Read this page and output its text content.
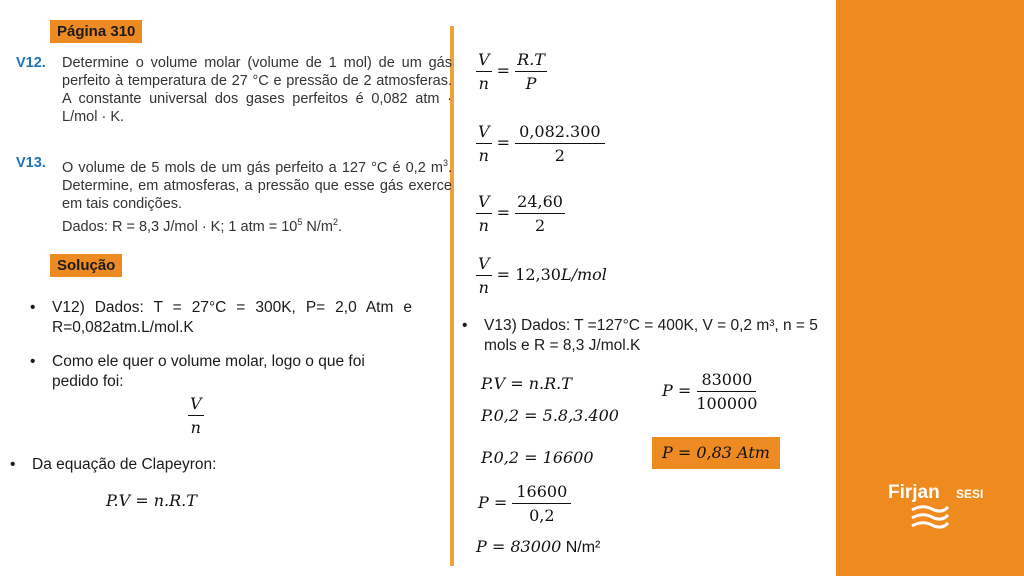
Firjan SESI
Página 310
V12. Determine o volume molar (volume de 1 mol) de um gás perfeito à temperatura de 27 °C e pressão de 2 atmosferas. A constante universal dos gases perfeitos é 0,082 atm · L/mol · K.
V13. O volume de 5 mols de um gás perfeito a 127 °C é 0,2 $m^3$. Determine, em atmosferas, a pressão que esse gás exerce em tais condições.
Dados: R = 8,3 J/mol · K; 1 atm = $10^5$ $N/m^2$.
Solução
• V12) Dados: T = 27°C = 300K, P= 2,0 Atm e R=0,082atm.L/mol.K
• Como ele quer o volume molar, logo o que foi pedido foi:
$\frac{V}{n}$
• Da equação de Clapeyron:
P.V = n.R.T
$\frac{V}{n} = \frac{R.T}{P}$
$\frac{V}{n} = \frac{0,082.300}{2}$
$\frac{V}{n} = \frac{24,60}{2}$
$\frac{V}{n} = 12,30L/mol$
• V13) Dados: T =127°C = 400K, V = 0,2 m³, n = 5 mols e R = 8,3 J/mol.K
P.V = n.R.T
P.0,2 = 5.8,3.400
P.0,2 = 16600
$P = \frac{16600}{0,2}$
P = 83000 N/m²
$P = \frac{83000}{100000}$
P = 0,83 Atm
